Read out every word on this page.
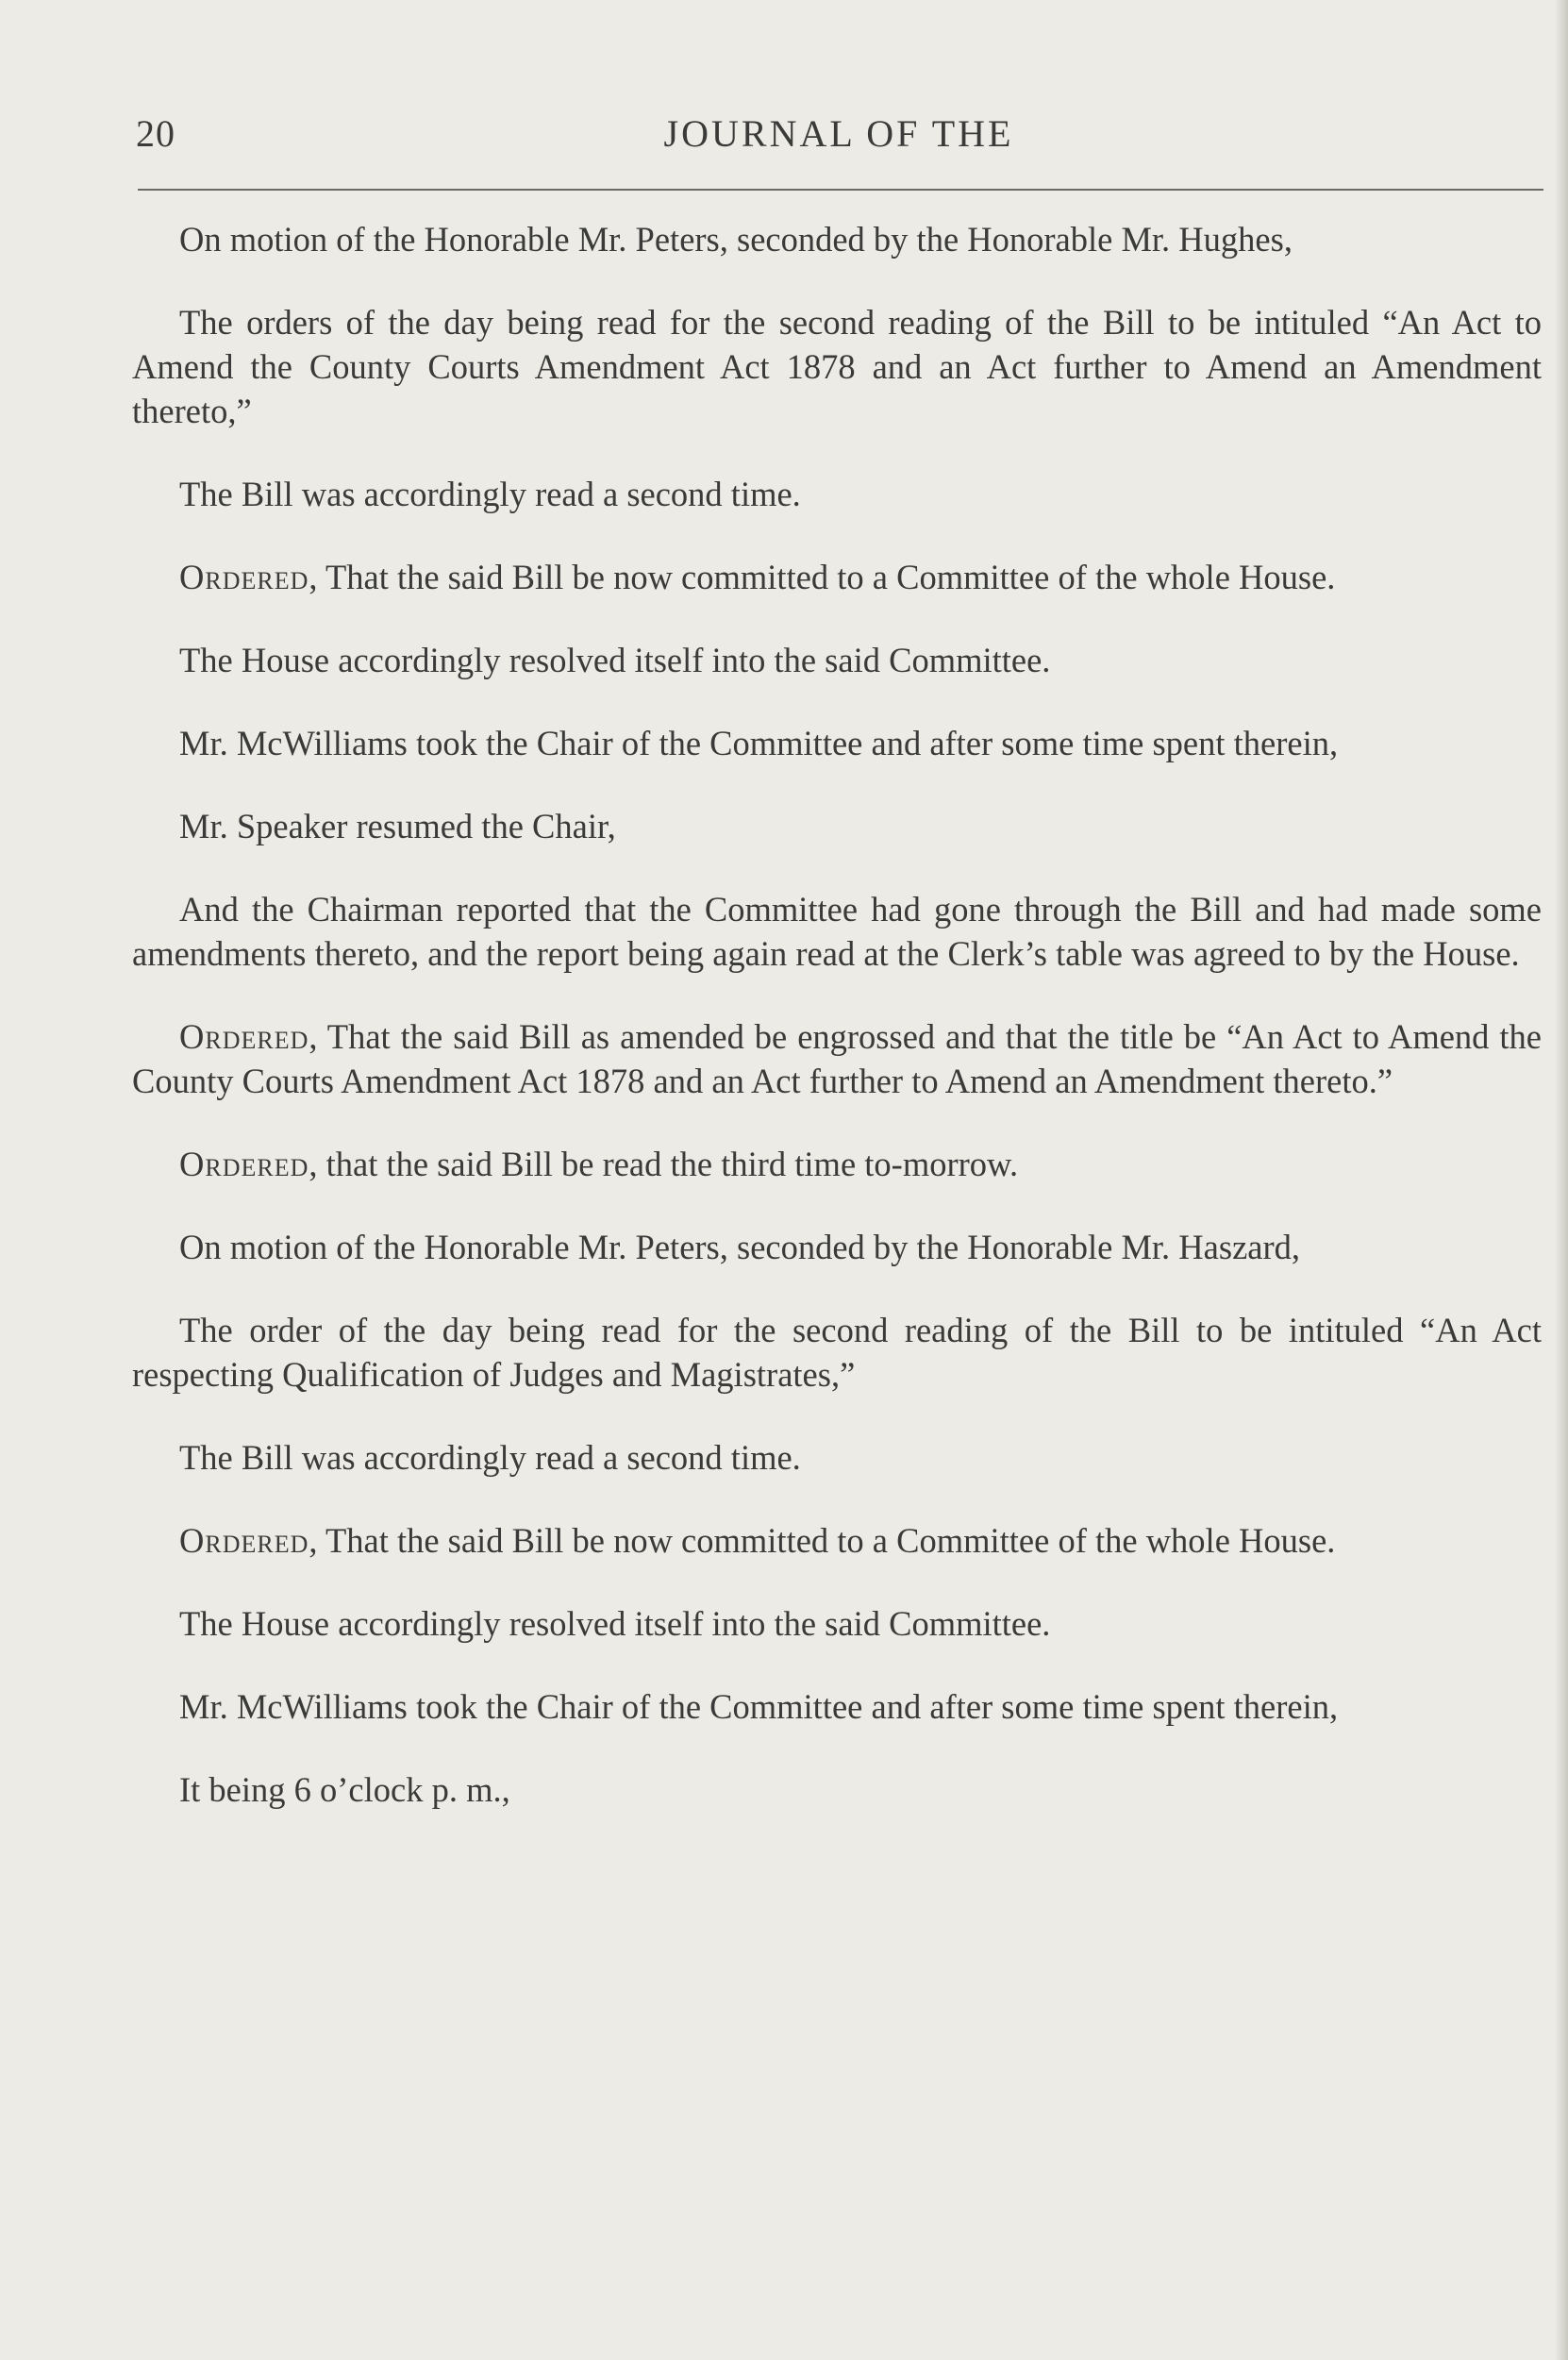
20	JOURNAL OF THE

On motion of the Honorable Mr. Peters, seconded by the Honorable Mr. Hughes,

The orders of the day being read for the second reading of the Bill to be intituled “An Act to Amend the County Courts Amendment Act 1878 and an Act further to Amend an Amendment thereto,”

The Bill was accordingly read a second time.

Ordered, That the said Bill be now committed to a Committee of the whole House.

The House accordingly resolved itself into the said Committee.

Mr. McWilliams took the Chair of the Committee and after some time spent therein,

Mr. Speaker resumed the Chair,

And the Chairman reported that the Committee had gone through the Bill and had made some amendments thereto, and the report being again read at the Clerk’s table was agreed to by the House.

Ordered, That the said Bill as amended be engrossed and that the title be “An Act to Amend the County Courts Amendment Act 1878 and an Act further to Amend an Amendment thereto.”

Ordered, that the said Bill be read the third time to-morrow.

On motion of the Honorable Mr. Peters, seconded by the Honorable Mr. Haszard,

The order of the day being read for the second reading of the Bill to be intituled “An Act respecting Qualification of Judges and Magistrates,”

The Bill was accordingly read a second time.

Ordered, That the said Bill be now committed to a Committee of the whole House.

The House accordingly resolved itself into the said Committee.

Mr. McWilliams took the Chair of the Committee and after some time spent therein,

It being 6 o’clock p. m.,
